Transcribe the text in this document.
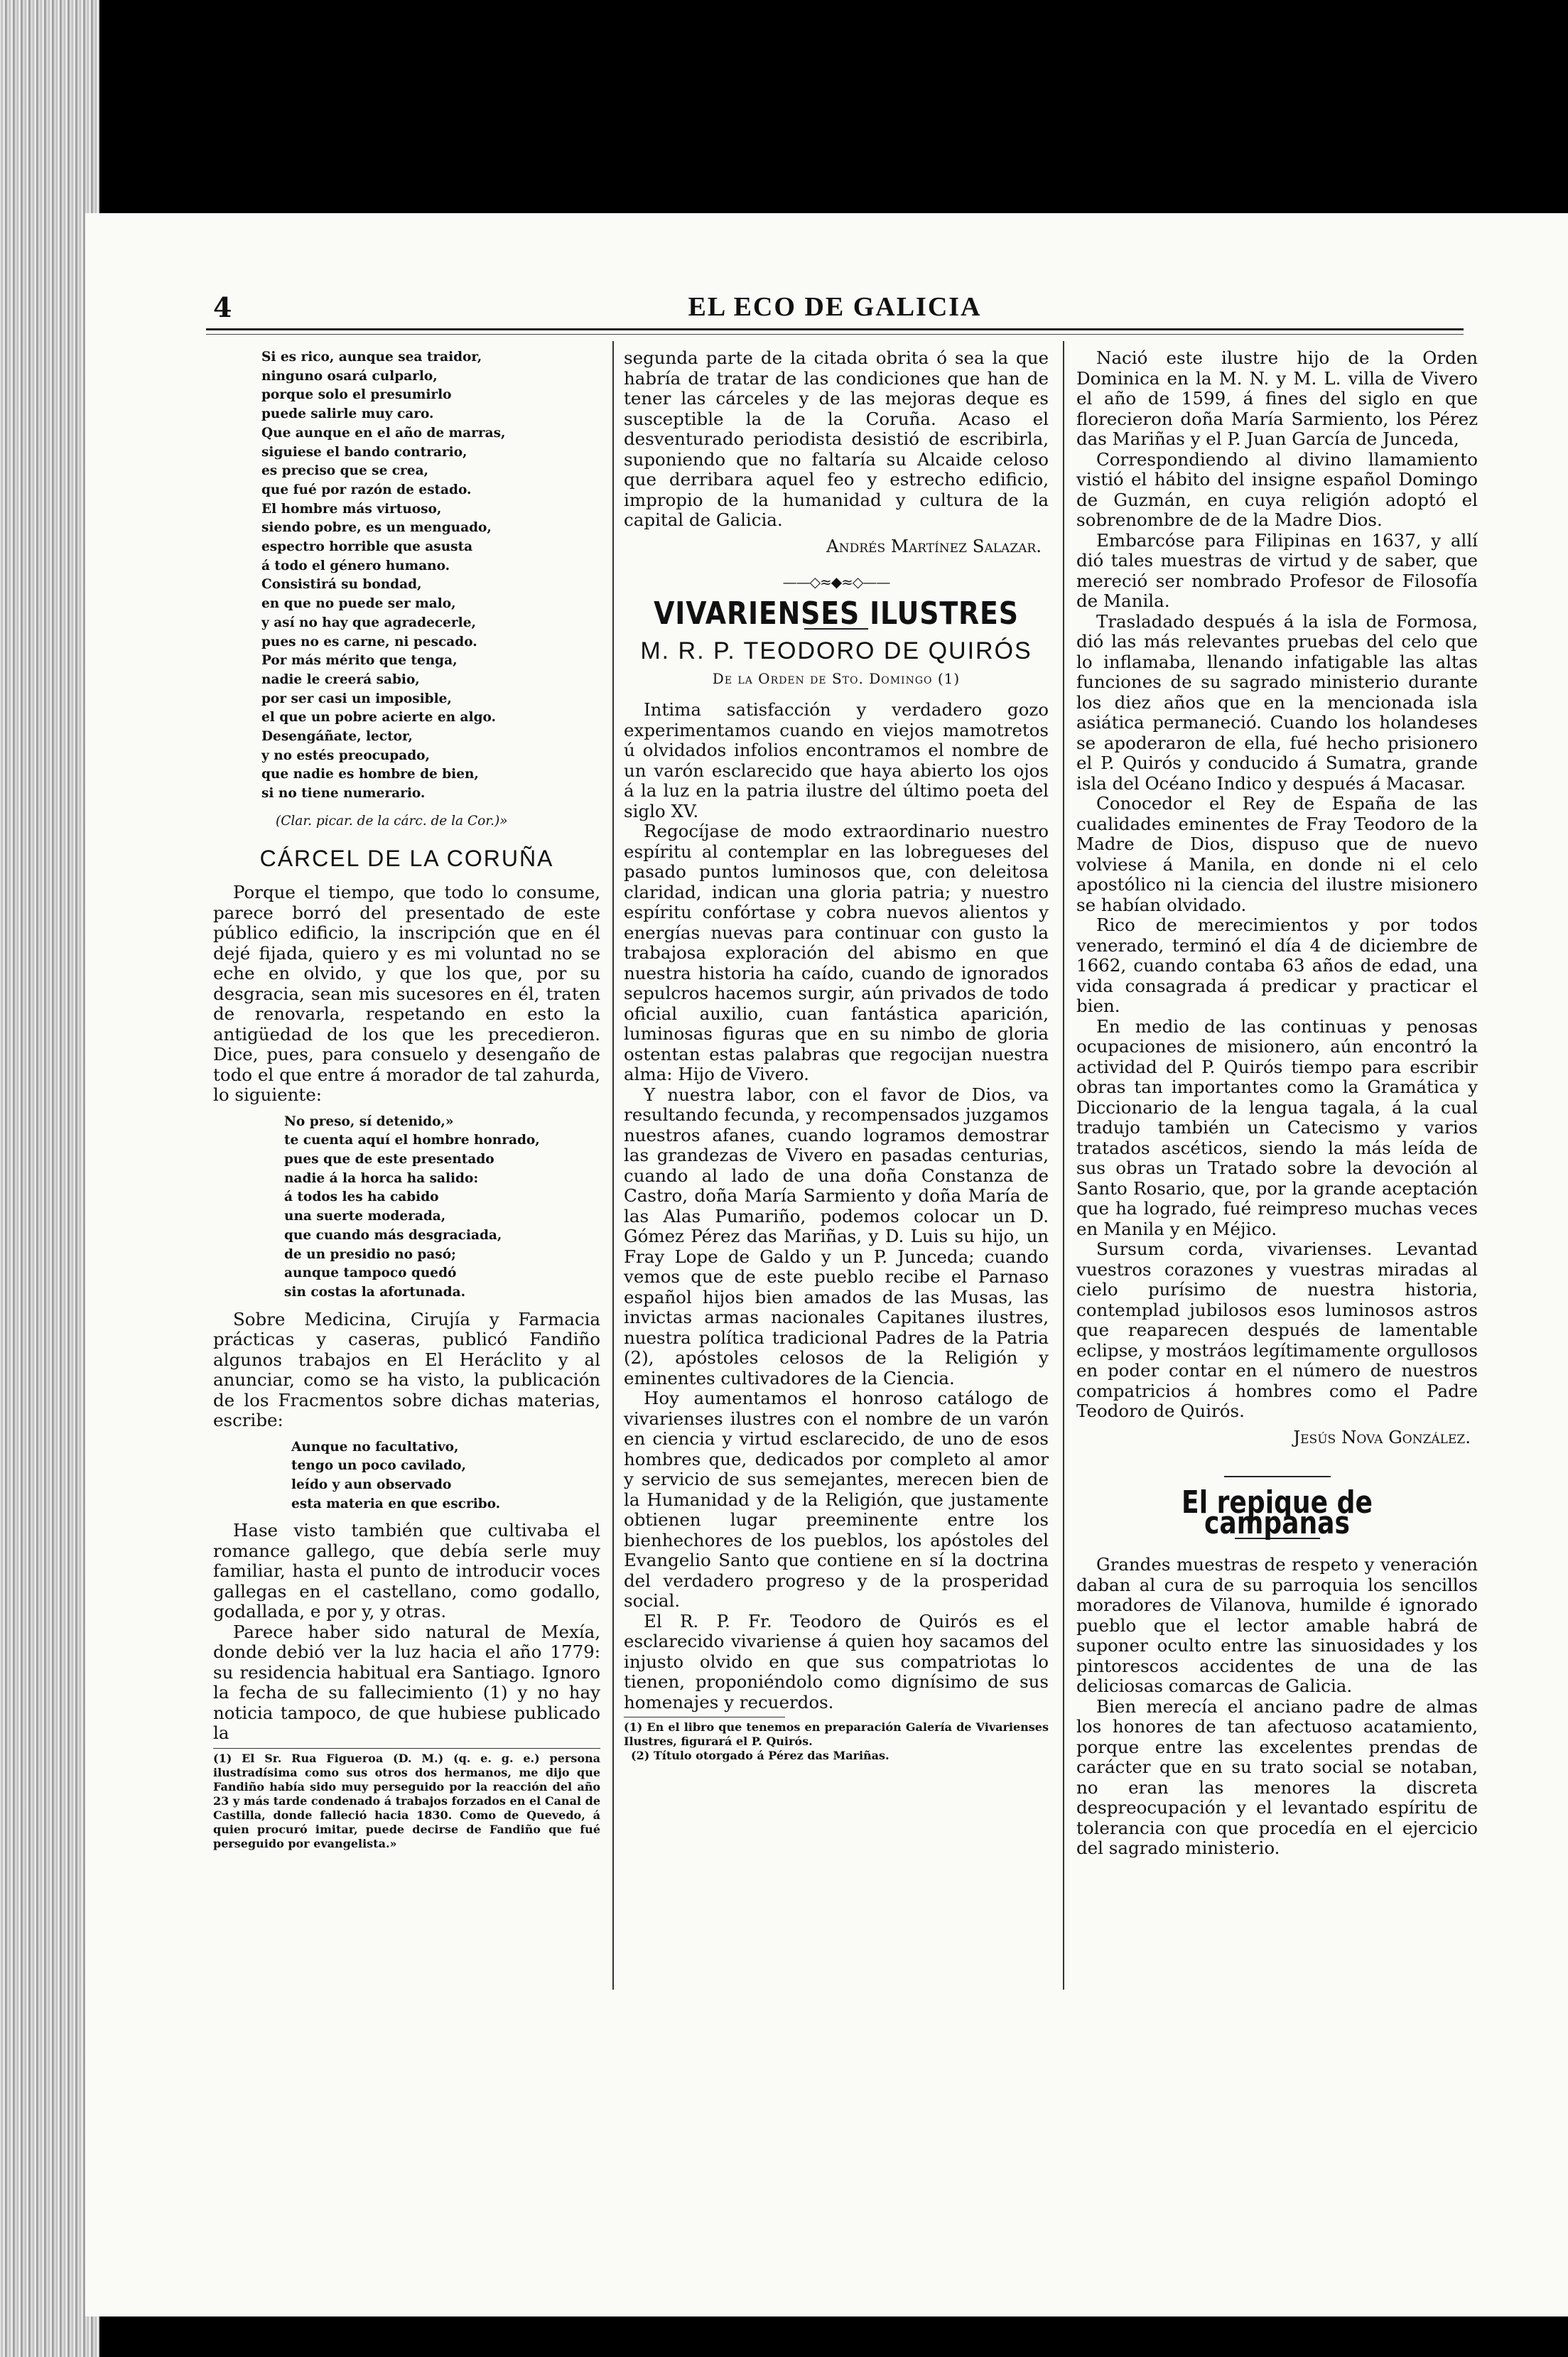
4	EL ECO DE GALICIA
Si es rico, aunque sea traidor,
ninguno osará culparlo,
porque solo el presumirlo
puede salirle muy caro.
Que aunque en el año de marras,
siguiese el bando contrario,
es preciso que se crea,
que fué por razón de estado.
El hombre más virtuoso,
siendo pobre, es un menguado,
espectro horrible que asusta
á todo el género humano.
Consistirá su bondad,
en que no puede ser malo,
y así no hay que agradecerle,
pues no es carne, ni pescado.
Por más mérito que tenga,
nadie le creerá sabio,
por ser casi un imposible,
el que un pobre acierte en algo.
Desengáñate, lector,
y no estés preocupado,
que nadie es hombre de bien,
si no tiene numerario.
(Clar. picar. de la cárc. de la Cor.)»
CÁRCEL DE LA CORUÑA

Porque el tiempo, que todo lo consume, parece borró del presentado de este público edificio, la inscripción que en él dejé fijada, quiero y es mi voluntad no se eche en olvido, y que los que, por su desgracia, sean mis sucesores en él, traten de renovarla, respetando en esto la antigüedad de los que les precedieron. Dice, pues, para consuelo y desengaño de todo el que entre á morador de tal zahurda, lo siguiente:

No preso, sí detenido,»
te cuenta aquí el hombre honrado,
pues que de este presentado
nadie á la horca ha salido:
á todos les ha cabido
una suerte moderada,
que cuando más desgraciada,
de un presidio no pasó;
aunque tampoco quedó
sin costas la afortunada.

Sobre Medicina, Cirujía y Farmacia prácticas y caseras, publicó Fandiño algunos trabajos en El Heráclito y al anunciar, como se ha visto, la publicación de los Fracmentos sobre dichas materias, escribe:

Aunque no facultativo,
tengo un poco cavilado,
leído y aun observado
esta materia en que escribo.

Hase visto también que cultivaba el romance gallego, que debía serle muy familiar, hasta el punto de introducir voces gallegas en el castellano, como godallo, godallada, e por y, y otras.

Parece haber sido natural de Mexía, donde debió ver la luz hacia el año 1779: su residencia habitual era Santiago. Ignoro la fecha de su fallecimiento (1) y no hay noticia tampoco, de que hubiese publicado la

(1) El Sr. Rua Figueroa (D. M.) (q. e. g. e.) persona ilustradísima como sus otros dos hermanos, me dijo que Fandiño había sido muy perseguido por la reacción del año 23 y más tarde condenado á trabajos forzados en el Canal de Castilla, donde falleció hacia 1830. Como de Quevedo, á quien procuró imitar, puede decirse de Fandiño que fué perseguido por evangelista.»

segunda parte de la citada obrita ó sea la que habría de tratar de las condiciones que han de tener las cárceles y de las mejoras deque es susceptible la de la Coruña. Acaso el desventurado periodista desistió de escribirla, suponiendo que no faltaría su Alcaide celoso que derribara aquel feo y estrecho edificio, impropio de la humanidad y cultura de la capital de Galicia.

Andrés Martínez Salazar.
——◇≈◆≈◇——
VIVARIENSES ILUSTRES
M. R. P. TEODORO DE QUIRÓS
De la Orden de Sto. Domingo (1)

Intima satisfacción y verdadero gozo experimentamos cuando en viejos mamotretos ú olvidados infolios encontramos el nombre de un varón esclarecido que haya abierto los ojos á la luz en la patria ilustre del último poeta del siglo XV.

Regocíjase de modo extraordinario nuestro espíritu al contemplar en las lobregueses del pasado puntos luminosos que, con deleitosa claridad, indican una gloria patria; y nuestro espíritu confórtase y cobra nuevos alientos y energías nuevas para continuar con gusto la trabajosa exploración del abismo en que nuestra historia ha caído, cuando de ignorados sepulcros hacemos surgir, aún privados de todo oficial auxilio, cuan fantástica aparición, luminosas figuras que en su nimbo de gloria ostentan estas palabras que regocijan nuestra alma: Hijo de Vivero.

Y nuestra labor, con el favor de Dios, va resultando fecunda, y recompensados juzgamos nuestros afanes, cuando logramos demostrar las grandezas de Vivero en pasadas centurias, cuando al lado de una doña Constanza de Castro, doña María Sarmiento y doña María de las Alas Pumariño, podemos colocar un D. Gómez Pérez das Mariñas, y D. Luis su hijo, un Fray Lope de Galdo y un P. Junceda; cuando vemos que de este pueblo recibe el Parnaso español hijos bien amados de las Musas, las invictas armas nacionales Capitanes ilustres, nuestra política tradicional Padres de la Patria (2), apóstoles celosos de la Religión y eminentes cultivadores de la Ciencia.

Hoy aumentamos el honroso catálogo de vivarienses ilustres con el nombre de un varón en ciencia y virtud esclarecido, de uno de esos hombres que, dedicados por completo al amor y servicio de sus semejantes, merecen bien de la Humanidad y de la Religión, que justamente obtienen lugar preeminente entre los bienhechores de los pueblos, los apóstoles del Evangelio Santo que contiene en sí la doctrina del verdadero progreso y de la prosperidad social.

El R. P. Fr. Teodoro de Quirós es el esclarecido vivariense á quien hoy sacamos del injusto olvido en que sus compatriotas lo tienen, proponiéndolo como dignísimo de sus homenajes y recuerdos.

(1) En el libro que tenemos en preparación Galería de Vivarienses Ilustres, figurará el P. Quirós.

(2) Título otorgado á Pérez das Mariñas.

Nació este ilustre hijo de la Orden Dominica en la M. N. y M. L. villa de Vivero el año de 1599, á fines del siglo en que florecieron doña María Sarmiento, los Pérez das Mariñas y el P. Juan García de Junceda,

Correspondiendo al divino llamamiento vistió el hábito del insigne español Domingo de Guzmán, en cuya religión adoptó el sobrenombre de de la Madre Dios.

Embarcóse para Filipinas en 1637, y allí dió tales muestras de virtud y de saber, que mereció ser nombrado Profesor de Filosofía de Manila.

Trasladado después á la isla de Formosa, dió las más relevantes pruebas del celo que lo inflamaba, llenando infatigable las altas funciones de su sagrado ministerio durante los diez años que en la mencionada isla asiática permaneció. Cuando los holandeses se apoderaron de ella, fué hecho prisionero el P. Quirós y conducido á Sumatra, grande isla del Océano Indico y después á Macasar.

Conocedor el Rey de España de las cualidades eminentes de Fray Teodoro de la Madre de Dios, dispuso que de nuevo volviese á Manila, en donde ni el celo apostólico ni la ciencia del ilustre misionero se habían olvidado.

Rico de merecimientos y por todos venerado, terminó el día 4 de diciembre de 1662, cuando contaba 63 años de edad, una vida consagrada á predicar y practicar el bien.

En medio de las continuas y penosas ocupaciones de misionero, aún encontró la actividad del P. Quirós tiempo para escribir obras tan importantes como la Gramática y Diccionario de la lengua tagala, á la cual tradujo también un Catecismo y varios tratados ascéticos, siendo la más leída de sus obras un Tratado sobre la devoción al Santo Rosario, que, por la grande aceptación que ha logrado, fué reimpreso muchas veces en Manila y en Méjico.

Sursum corda, vivarienses. Levantad vuestros corazones y vuestras miradas al cielo purísimo de nuestra historia, contemplad jubilosos esos luminosos astros que reaparecen después de lamentable eclipse, y mostráos legítimamente orgullosos en poder contar en el número de nuestros compatricios á hombres como el Padre Teodoro de Quirós.

Jesús Nova González.
El repique de campanas

Grandes muestras de respeto y veneración daban al cura de su parroquia los sencillos moradores de Vilanova, humilde é ignorado pueblo que el lector amable habrá de suponer oculto entre las sinuosidades y los pintorescos accidentes de una de las deliciosas comarcas de Galicia.

Bien merecía el anciano padre de almas los honores de tan afectuoso acatamiento, porque entre las excelentes prendas de carácter que en su trato social se notaban, no eran las menores la discreta despreocupación y el levantado espíritu de tolerancia con que procedía en el ejercicio del sagrado ministerio.
